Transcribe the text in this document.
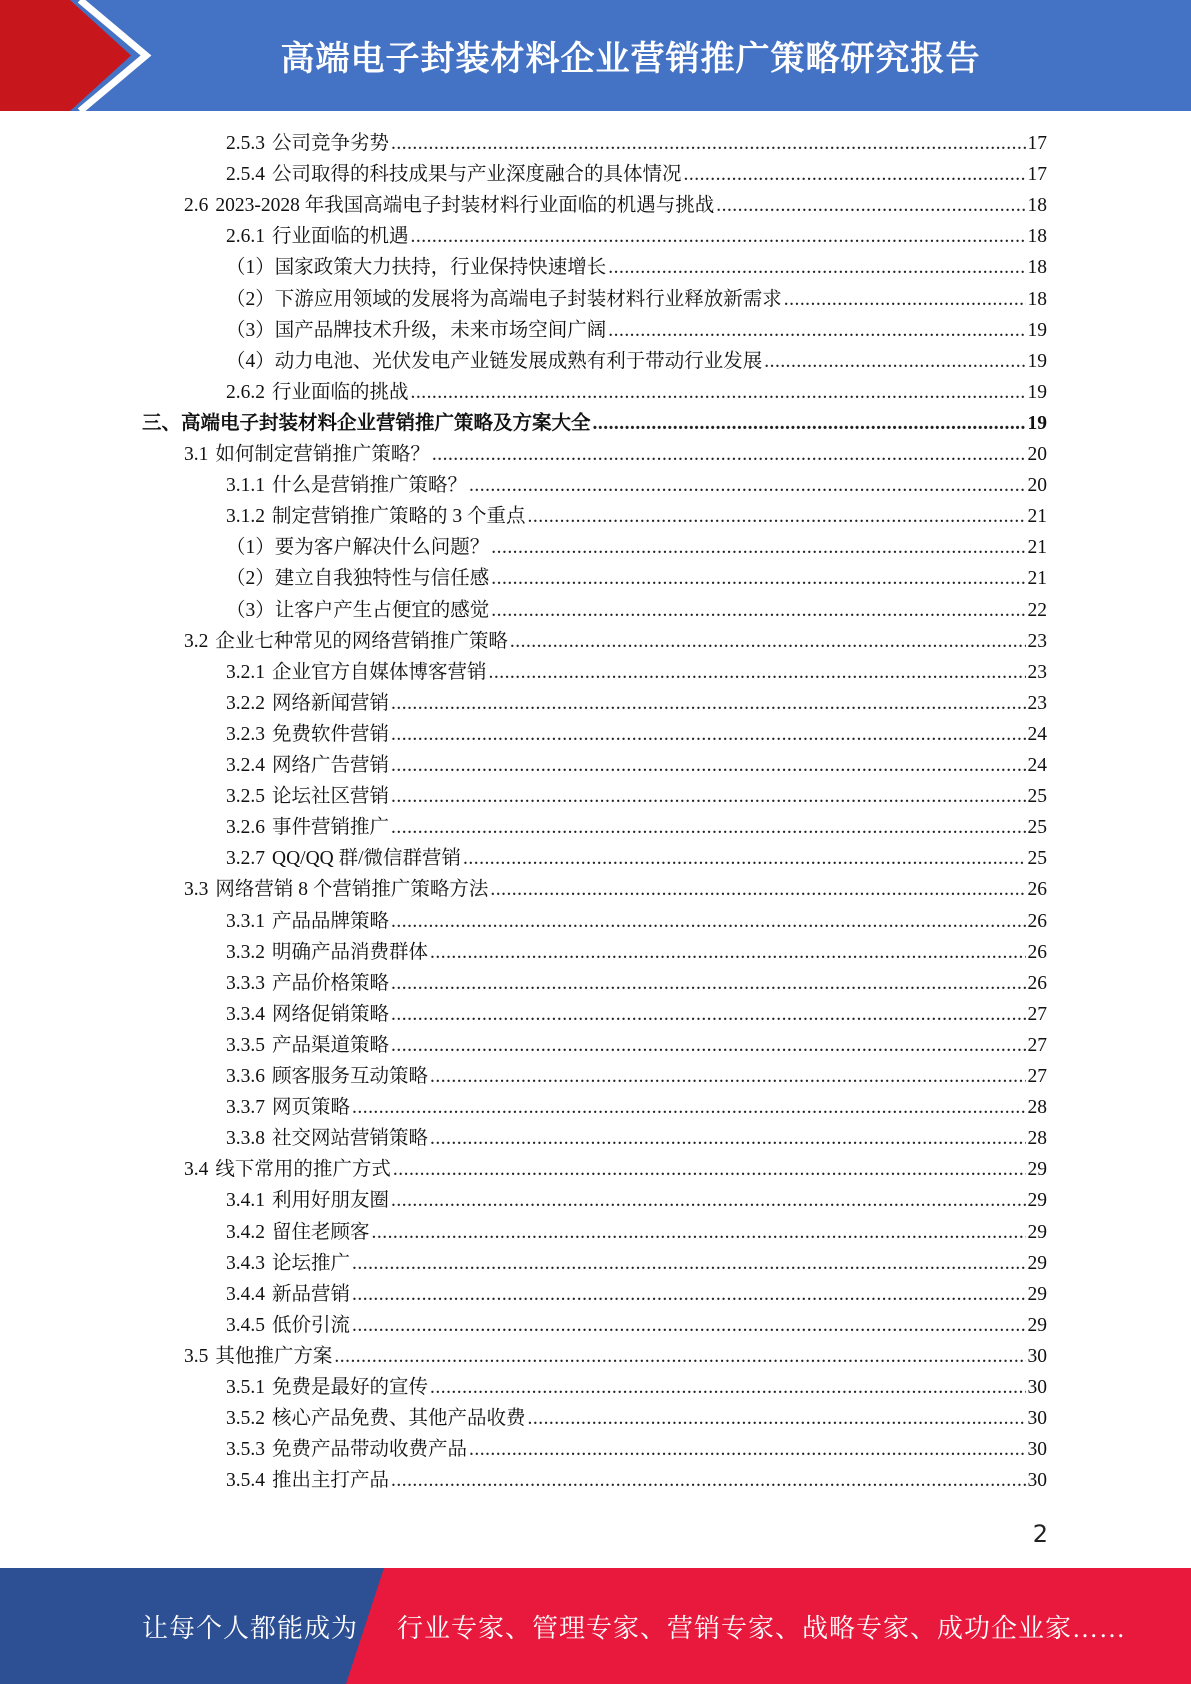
高端电子封装材料企业营销推广策略研究报告
2.5.3 公司竞争劣势 . . .	17
2.5.4 公司取得的科技成果与产业深度融合的具体情况 . . .	17
2.6 2023-2028 年我国高端电子封装材料行业面临的机遇与挑战 . . .	18
2.6.1 行业面临的机遇 . . .	18
（1） 国家政策大力扶持，行业保持快速增长 . . .	18
（2） 下游应用领域的发展将为高端电子封装材料行业释放新需求 . . .	18
（3） 国产品牌技术升级，未来市场空间广阔 . . .	19
（4） 动力电池、光伏发电产业链发展成熟有利于带动行业发展 . . .	19
2.6.2 行业面临的挑战 . . .	19
三、 高端电子封装材料企业营销推广策略及方案大全 . . .	19
3.1 如何制定营销推广策略？ . . .	20
3.1.1 什么是营销推广策略？ . . .	20
3.1.2 制定营销推广策略的 3 个重点 . . .	21
（1） 要为客户解决什么问题？ . . .	21
（2） 建立自我独特性与信任感 . . .	21
（3） 让客户产生占便宜的感觉 . . .	22
3.2 企业七种常见的网络营销推广策略 . . .	23
3.2.1 企业官方自媒体博客营销 . . .	23
3.2.2 网络新闻营销 . . .	23
3.2.3 免费软件营销 . . .	24
3.2.4 网络广告营销 . . .	24
3.2.5 论坛社区营销 . . .	25
3.2.6 事件营销推广 . . .	25
3.2.7 QQ/QQ 群/微信群营销 . . .	25
3.3 网络营销 8 个营销推广策略方法 . . .	26
3.3.1 产品品牌策略 . . .	26
3.3.2 明确产品消费群体 . . .	26
3.3.3 产品价格策略 . . .	26
3.3.4 网络促销策略 . . .	27
3.3.5 产品渠道策略 . . .	27
3.3.6 顾客服务互动策略 . . .	27
3.3.7 网页策略 . . .	28
3.3.8 社交网站营销策略 . . .	28
3.4 线下常用的推广方式 . . .	29
3.4.1 利用好朋友圈 . . .	29
3.4.2 留住老顾客 . . .	29
3.4.3 论坛推广 . . .	29
3.4.4 新品营销 . . .	29
3.4.5 低价引流 . . .	29
3.5 其他推广方案 . . .	30
3.5.1 免费是最好的宣传 . . .	30
3.5.2 核心产品免费、其他产品收费 . . .	30
3.5.3 免费产品带动收费产品 . . .	30
3.5.4 推出主打产品 . . .	30
2
让每个人都能成为 行业专家、管理专家、营销专家、战略专家、成功企业家……
